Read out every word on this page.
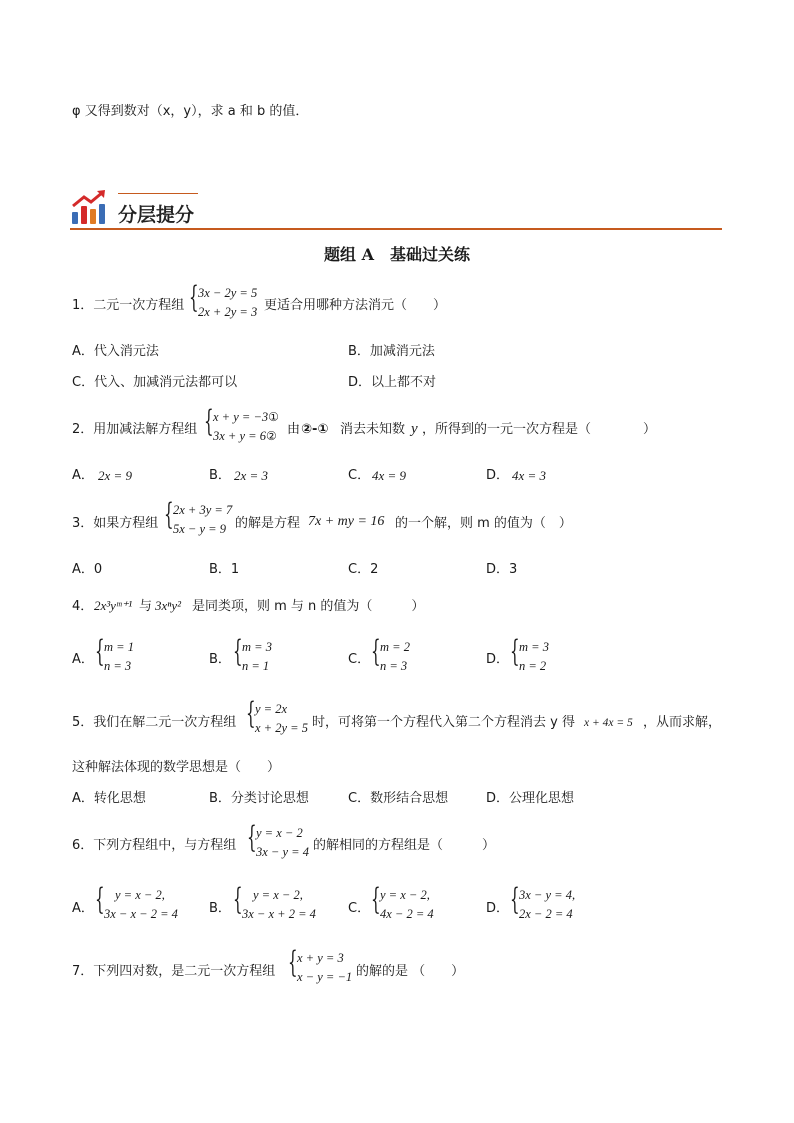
φ 又得到数对（x，y），求 a 和 b 的值．
分层提分
题组 A　基础过关练
1．二元一次方程组 { 3x − 2y = 5
2x + 2y = 3 更适合用哪种方法消元（　　）
A．代入消元法	B．加减消元法
C．代入、加减消元法都可以	D．以上都不对
2．用加减法解方程组 { x + y = −3①
3x + y = 6② 由 ②-① 消去未知数 y ，所得到的一元一次方程是（　　　　）
A． 2x = 9	B． 2x = 3	C． 4x = 9	D． 4x = 3
3．如果方程组 { 2x + 3y = 7
5x − y = 9 的解是方程 7x + my = 16 的一个解，则 m 的值为（　）
A．0	B．1	C．2	D．3
4． 2x³yᵐ⁺¹ 与 3xⁿy² 是同类项，则 m 与 n 的值为（　　　）
A． { m = 1
n = 3	B． { m = 3
n = 1	C． { m = 2
n = 3	D． { m = 3
n = 2
5．我们在解二元一次方程组 { y = 2x
x + 2y = 5 时，可将第一个方程代入第二个方程消去 y 得 x + 4x = 5 ，从而求解，
这种解法体现的数学思想是（　　）
A．转化思想	B．分类讨论思想	C．数形结合思想	D．公理化思想
6．下列方程组中，与方程组 { y = x − 2
3x − y = 4 的解相同的方程组是（　　　）
A． { y = x − 2,
3x − x − 2 = 4 B． { y = x − 2,
3x − x + 2 = 4 C． { y = x − 2,
4x − 2 = 4	D． { 3x − y = 4,
2x − 2 = 4
7．下列四对数，是二元一次方程组 { x + y = 3
x − y = −1 的解的是 （　　）
